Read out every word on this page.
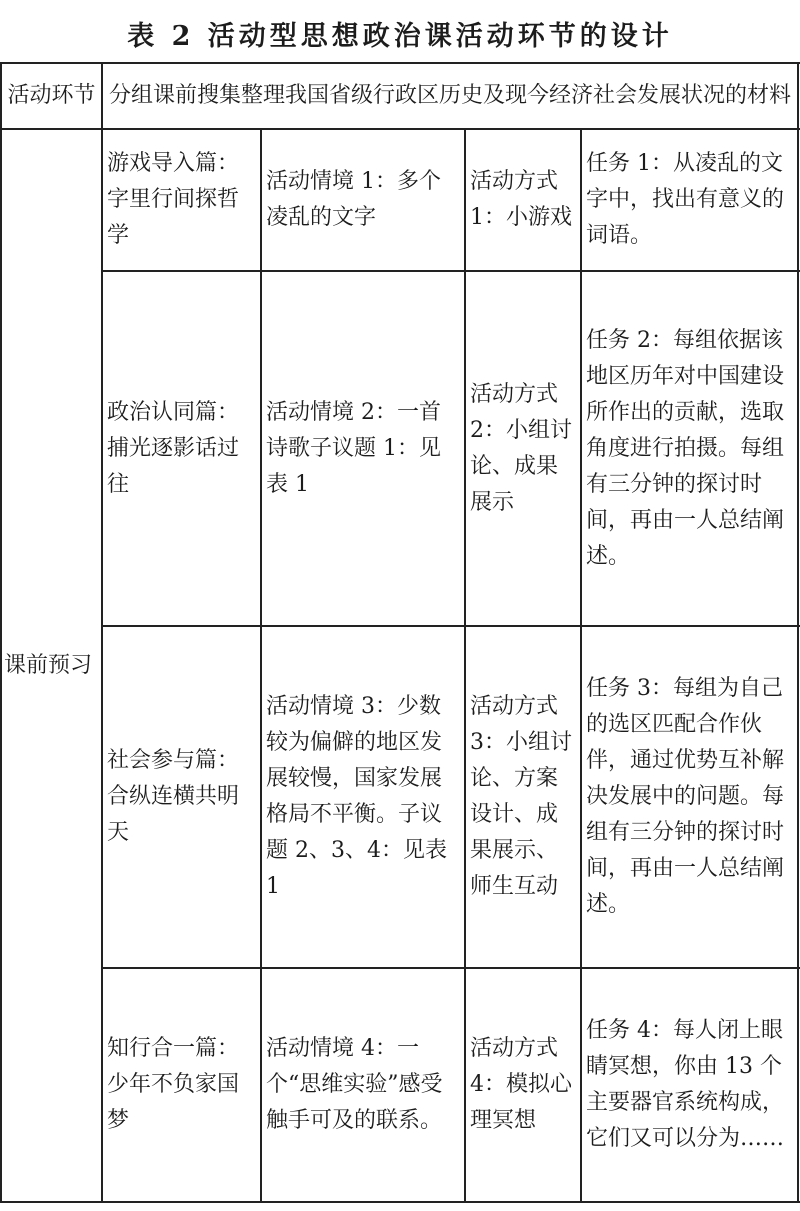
表 2 活动型思想政治课活动环节的设计
活动环节 分组课前搜集整理我国省级行政区历史及现今经济社会发展状况的材料
课前预习
游戏导入篇：字里行间探哲学
活动情境 1：多个凌乱的文字
活动方式 1：小游戏
任务 1：从凌乱的文字中，找出有意义的词语。
政治认同篇：捕光逐影话过往
活动情境 2：一首诗歌子议题 1：见表 1
活动方式 2：小组讨论、成果展示
任务 2：每组依据该地区历年对中国建设所作出的贡献，选取角度进行拍摄。每组有三分钟的探讨时间，再由一人总结阐述。
社会参与篇：合纵连横共明天
活动情境 3：少数较为偏僻的地区发展较慢，国家发展格局不平衡。子议题 2、3、4：见表 1
活动方式 3：小组讨论、方案设计、成果展示、师生互动
任务 3：每组为自己的选区匹配合作伙伴，通过优势互补解决发展中的问题。每组有三分钟的探讨时间，再由一人总结阐述。
知行合一篇：少年不负家国梦
活动情境 4：一个“思维实验”感受触手可及的联系。
活动方式 4：模拟心理冥想
任务 4：每人闭上眼睛冥想，你由 13 个主要器官系统构成，它们又可以分为……
